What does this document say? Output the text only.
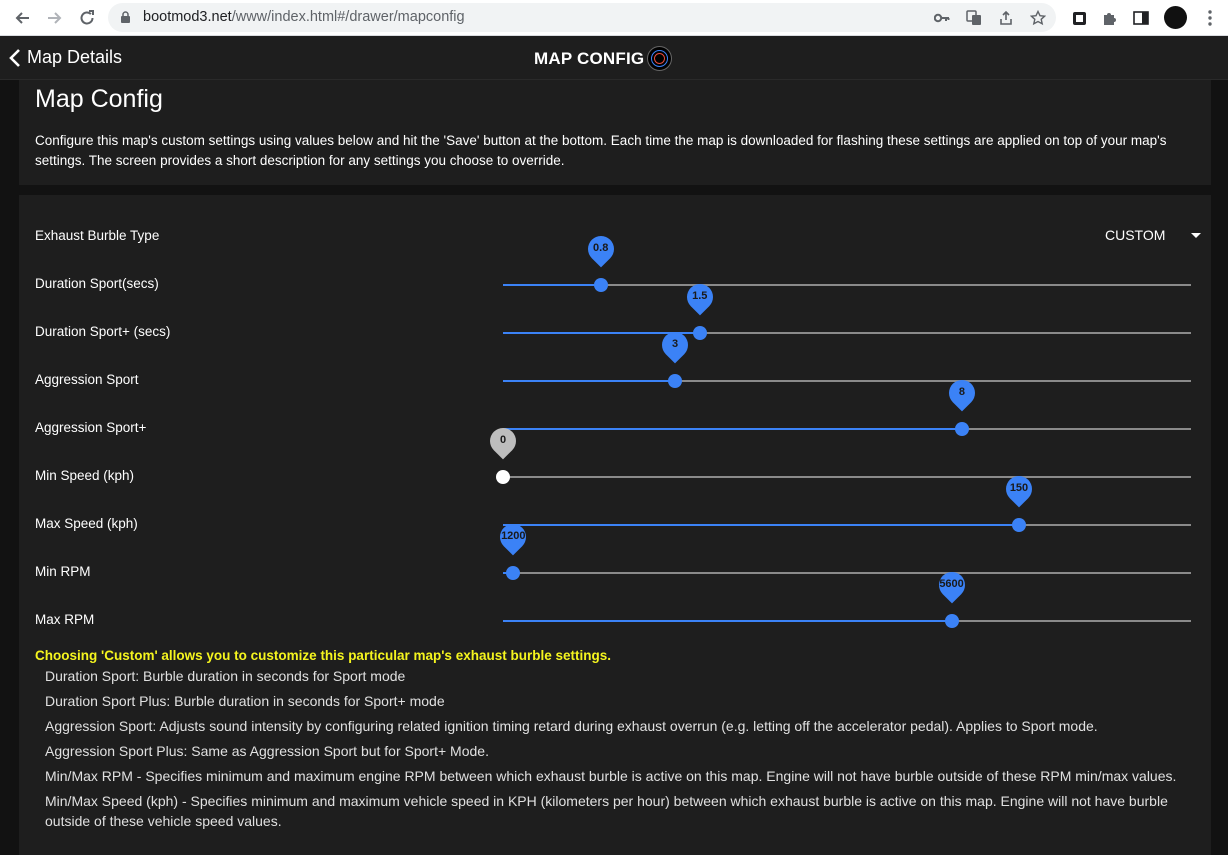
bootmod3.net/www/index.html#/drawer/mapconfig
Map Details	MAP CONFIG
Map Config
Configure this map's custom settings using values below and hit the 'Save' button at the bottom. Each time the map is downloaded for flashing these settings are applied on top of your map's settings. The screen provides a short description for any settings you choose to override.
Exhaust Burble Type	CUSTOM
Duration Sport(secs)
0.8
Duration Sport+ (secs)
1.5
Aggression Sport
3
Aggression Sport+
8
Min Speed (kph)
0
Max Speed (kph)
150
Min RPM
1200
Max RPM
5600
Choosing 'Custom' allows you to customize this particular map's exhaust burble settings.
Duration Sport: Burble duration in seconds for Sport mode
Duration Sport Plus: Burble duration in seconds for Sport+ mode
Aggression Sport: Adjusts sound intensity by configuring related ignition timing retard during exhaust overrun (e.g. letting off the accelerator pedal). Applies to Sport mode.
Aggression Sport Plus: Same as Aggression Sport but for Sport+ Mode.
Min/Max RPM - Specifies minimum and maximum engine RPM between which exhaust burble is active on this map. Engine will not have burble outside of these RPM min/max values.
Min/Max Speed (kph) - Specifies minimum and maximum vehicle speed in KPH (kilometers per hour) between which exhaust burble is active on this map. Engine will not have burble outside of these vehicle speed values.
